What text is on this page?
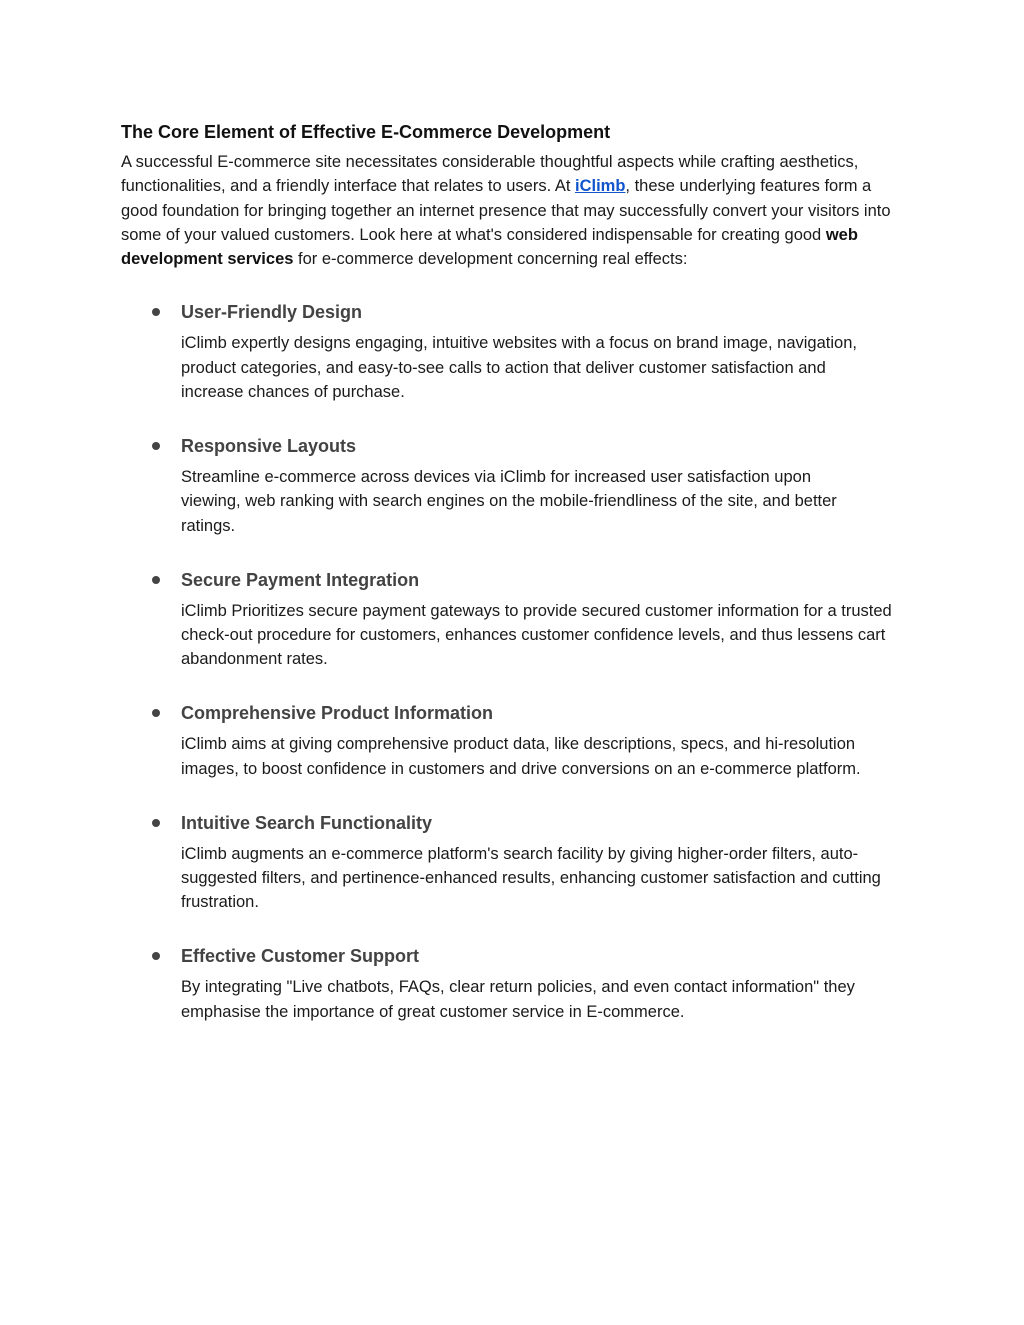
The Core Element of Effective E-Commerce Development

A successful E-commerce site necessitates considerable thoughtful aspects while crafting aesthetics, functionalities, and a friendly interface that relates to users. At iClimb, these underlying features form a good foundation for bringing together an internet presence that may successfully convert your visitors into some of your valued customers. Look here at what's considered indispensable for creating good web development services for e-commerce development concerning real effects:

User-Friendly Design

iClimb expertly designs engaging, intuitive websites with a focus on brand image, navigation, product categories, and easy-to-see calls to action that deliver customer satisfaction and increase chances of purchase.

Responsive Layouts

Streamline e-commerce across devices via iClimb for increased user satisfaction upon viewing, web ranking with search engines on the mobile-friendliness of the site, and better ratings.

Secure Payment Integration

iClimb Prioritizes secure payment gateways to provide secured customer information for a trusted check-out procedure for customers, enhances customer confidence levels, and thus lessens cart abandonment rates.

Comprehensive Product Information

iClimb aims at giving comprehensive product data, like descriptions, specs, and hi-resolution images, to boost confidence in customers and drive conversions on an e-commerce platform.

Intuitive Search Functionality

iClimb augments an e-commerce platform's search facility by giving higher-order filters, auto-suggested filters, and pertinence-enhanced results, enhancing customer satisfaction and cutting frustration.

Effective Customer Support

By integrating "Live chatbots, FAQs, clear return policies, and even contact information" they emphasise the importance of great customer service in E-commerce.
